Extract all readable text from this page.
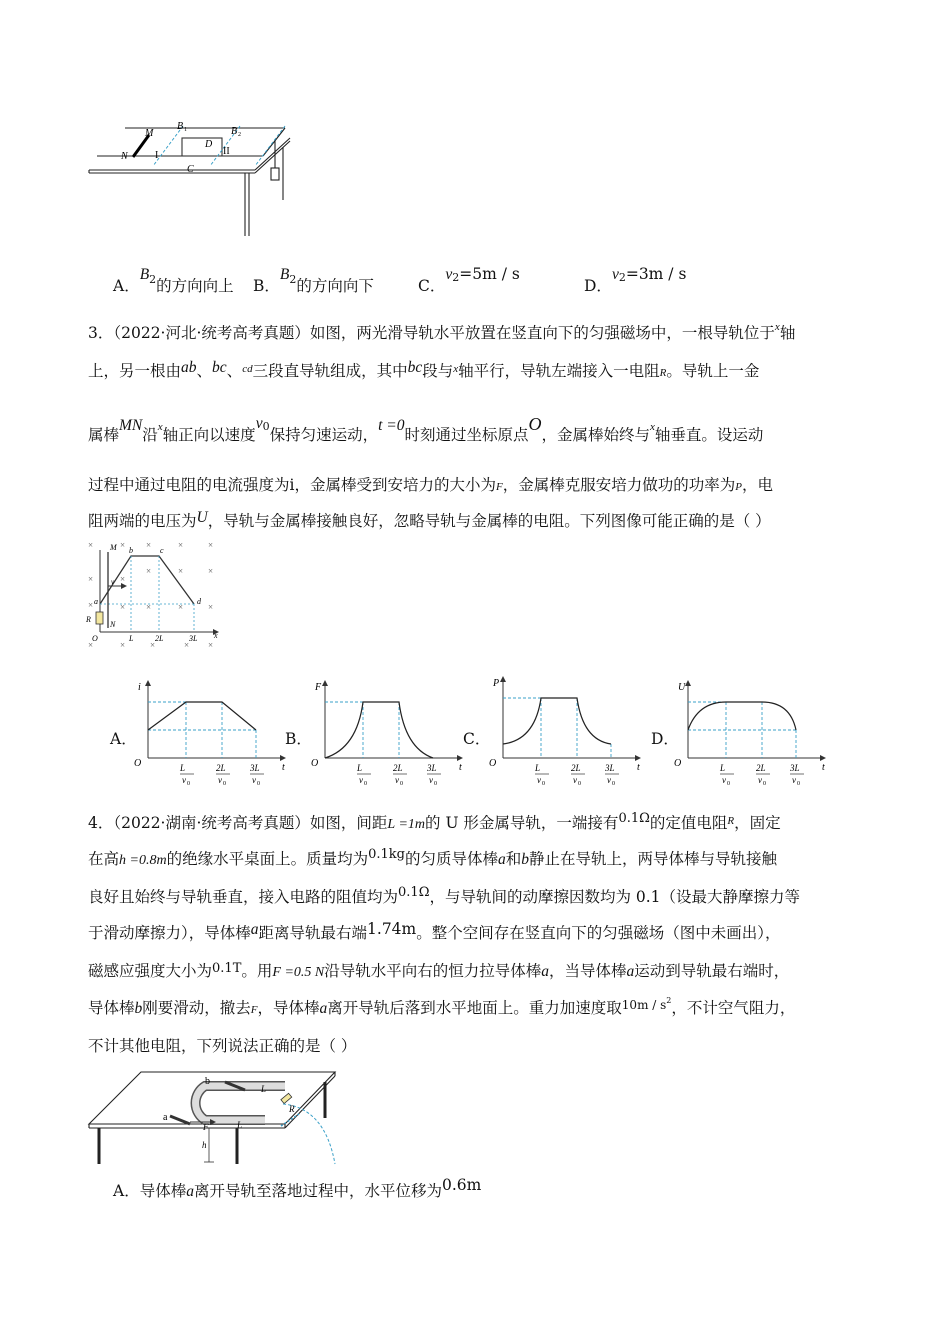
M
N
B 1	B 2
D
C
I	II
A．$B^2$的方向向上 B．$B^2$的方向向下	C．$v^2=5m / s$
D．$v^2=3m / s$
3．（2022·河北·统考高考真题）如图，两光滑导轨水平放置在竖直向下的匀强磁场中，一根导轨位于$^x$轴
上，另一根由ab、bc、$^{cd}$三段直导轨组成，其中bc段与$^x$轴平行，导轨左端接入一电阻R。导轨上一金
属棒MN沿$^x$轴正向以速度$v^0$保持匀速运动，t =0时刻通过坐标原点O，金属棒始终与$^x$轴垂直。设运动
过程中通过电阻的电流强度为i，金属棒受到安培力的大小为F，金属棒克服安培力做功的功率为P，电
阻两端的电压为U，导轨与金属棒接触良好，忽略导轨与金属棒的电阻。下列图像可能正确的是（ ）
×
×
×
×
× ×	×	×
×
×	×	×
× ×	×	×
×	×	× ×
M b	c
a	d
R
N
O	L	2L	3L x
v
A．	B．	C．	D．
i
O	t
L
v 0
2L
v 0
3L
v 0
F
O	t
L
v 0
2L
v 0
3L
v 0
P
O	t
L
v 0
2L
v 0
3L
v 0
U
O	t
L
v 0
2L
v 0
3L
v 0
4．（2022·湖南·统考高考真题）如图，间距L =1m的 U 形金属导轨，一端接有$^{0.1\Omega}$的定值电阻$^R$，固定
在高h =0.8m的绝缘水平桌面上。质量均为$^{0.1kg}$的匀质导体棒a和b静止在导轨上，两导体棒与导轨接触
良好且始终与导轨垂直，接入电路的阻值均为$^{0.1\Omega}$，与导轨间的动摩擦因数均为 0.1（设最大静摩擦力等
于滑动摩擦力），导体棒a距离导轨最右端1.74m。整个空间存在竖直向下的匀强磁场（图中未画出），
磁感应强度大小为$^{0.1T}$。用F =0.5 N沿导轨水平向右的恒力拉导体棒a，当导体棒a运动到导轨最右端时，
导体棒b刚要滑动，撤去F，导体棒a离开导轨后落到水平地面上。重力加速度取$^{10m / s2}$，不计空气阻力，
不计其他电阻，下列说法正确的是（ ）
h
b
a
F
L
L
R
A．导体棒a离开导轨至落地过程中，水平位移为0.6m
